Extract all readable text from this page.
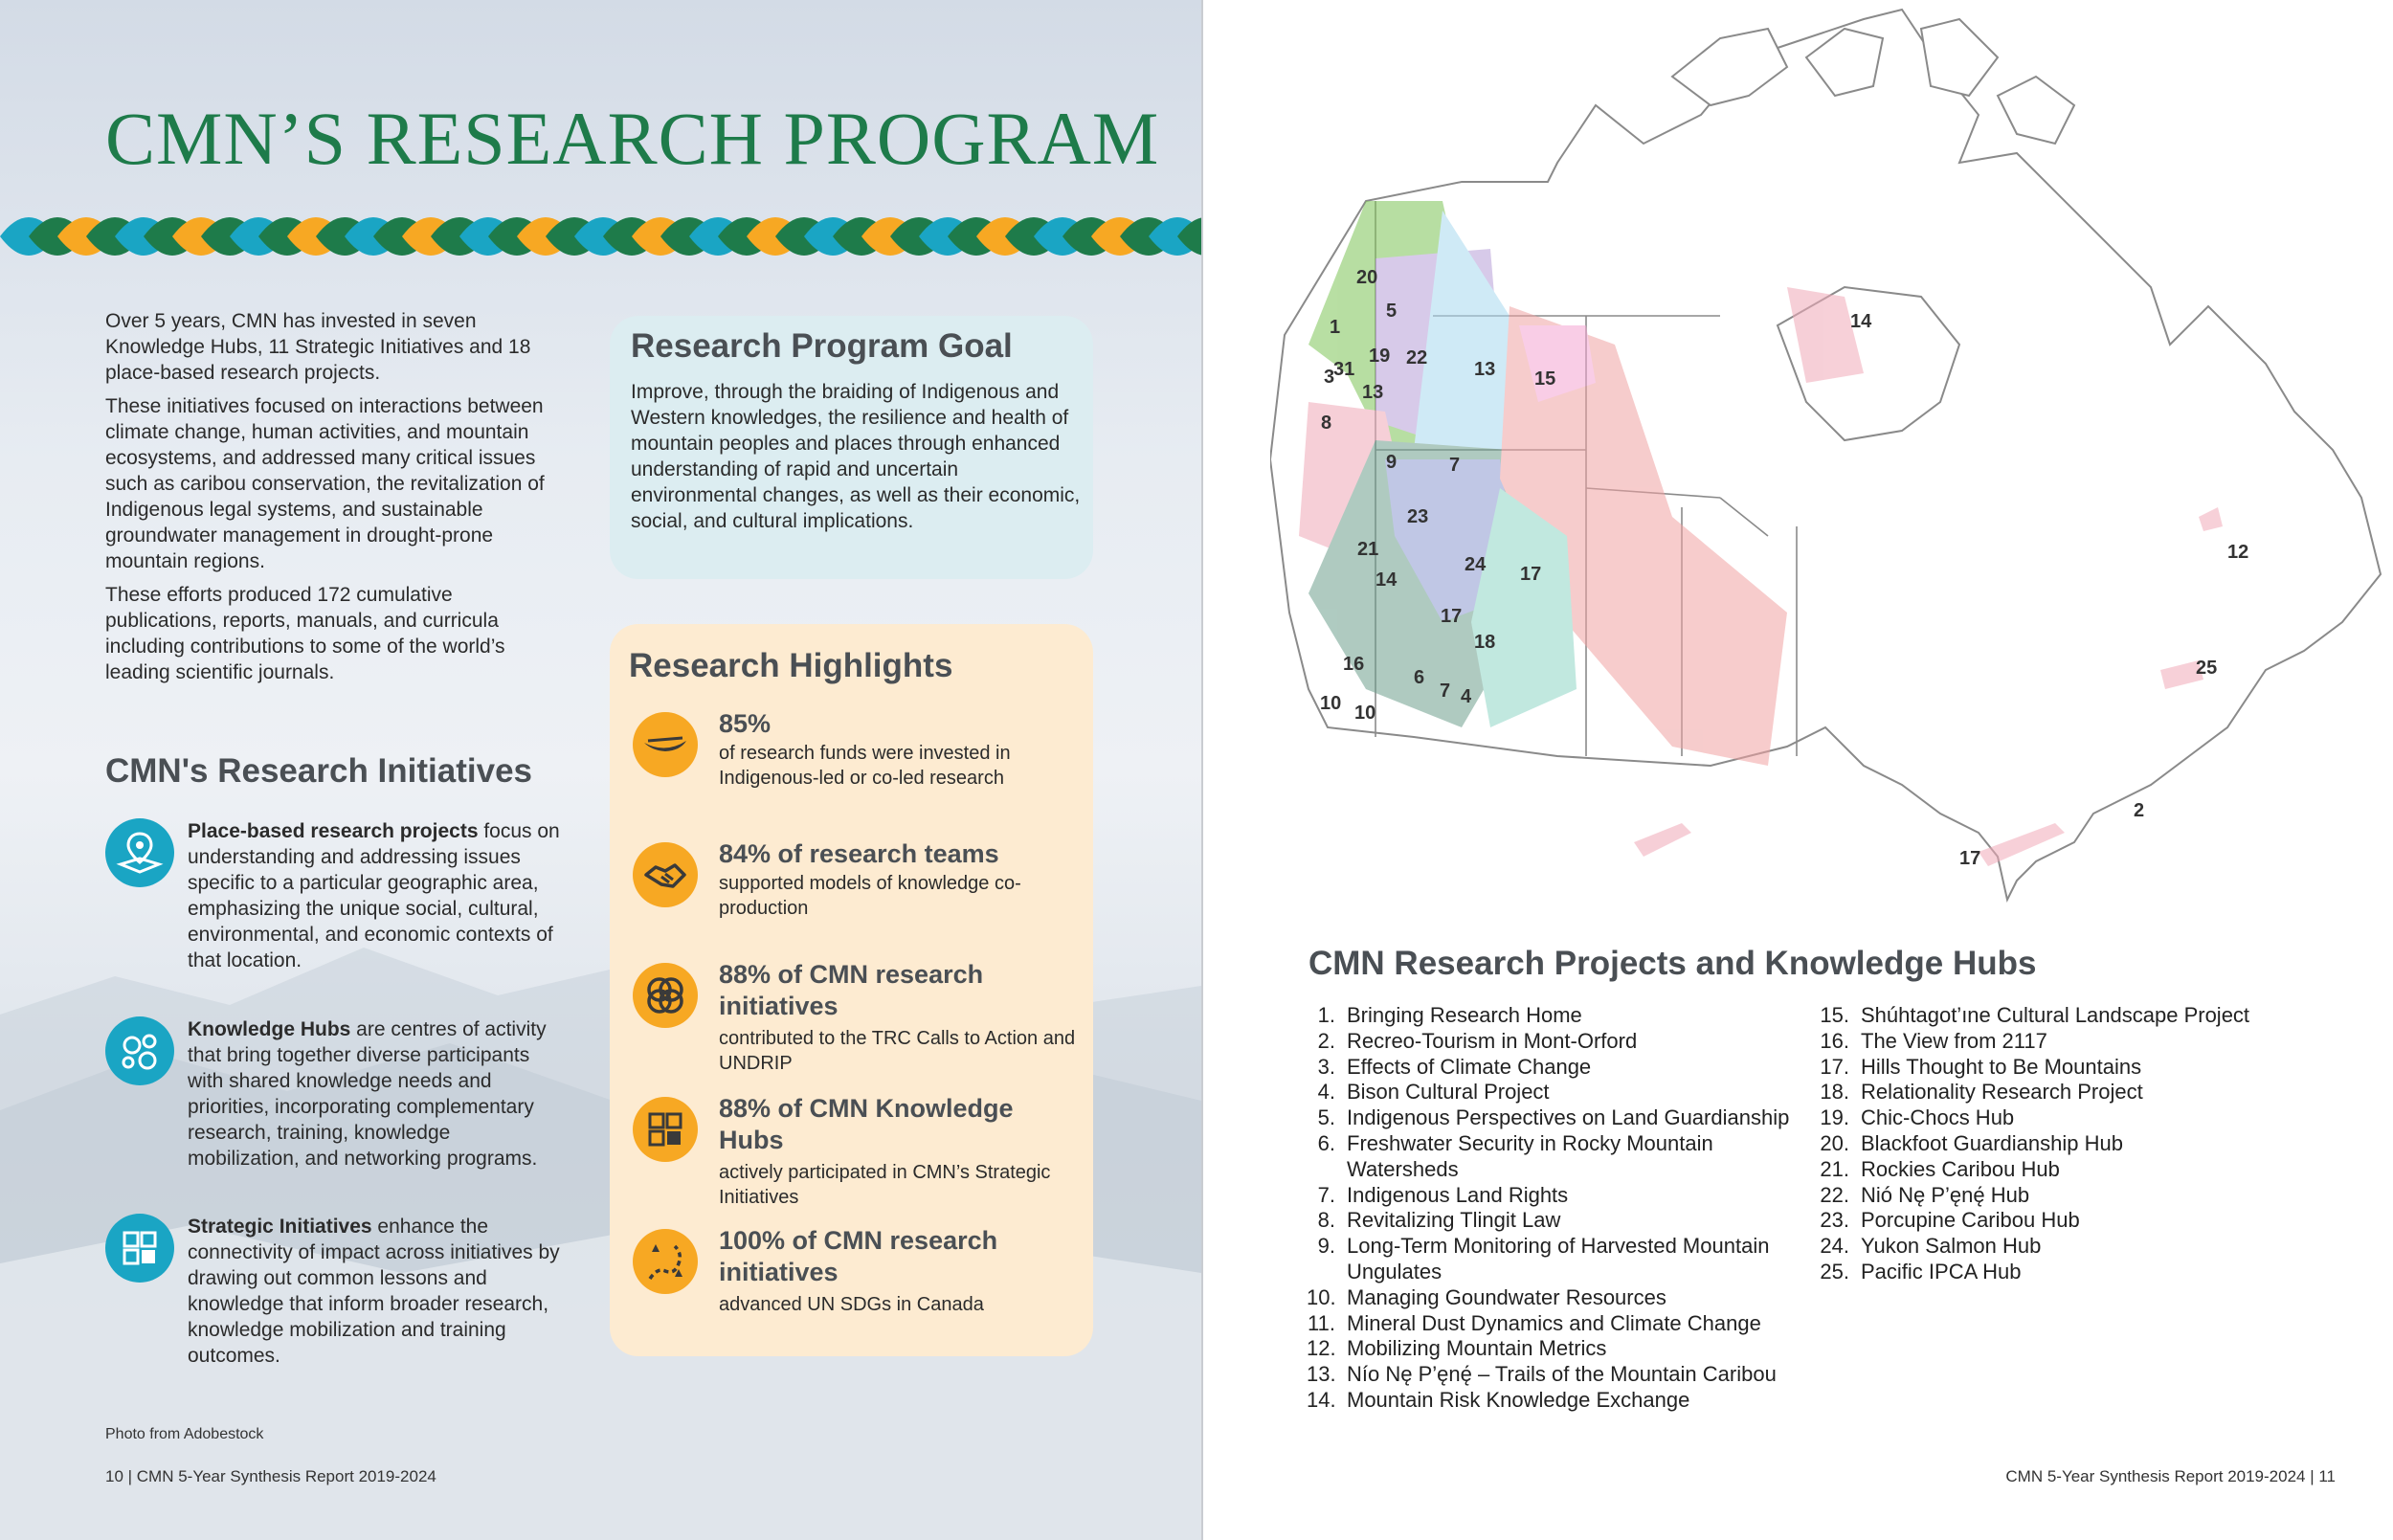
CMN’S RESEARCH PROGRAM

Over 5 years, CMN has invested in seven Knowledge Hubs, 11 Strategic Initiatives and 18 place-based research projects.

These initiatives focused on interactions between climate change, human activities, and mountain ecosystems, and addressed many critical issues such as caribou conservation, the revitalization of Indigenous legal systems, and sustainable groundwater management in drought-prone mountain regions.

These efforts produced 172 cumulative publications, reports, manuals, and curricula including contributions to some of the world’s leading scientific journals.

Research Program Goal

Improve, through the braiding of Indigenous and Western knowledges, the resilience and health of mountain peoples and places through enhanced understanding of rapid and uncertain environmental changes, as well as their economic, social, and cultural implications.

Research Highlights
85%
of research funds were invested in Indigenous-led or co-led research
84% of research teams
supported models of knowledge co-production
88% of CMN research initiatives
contributed to the TRC Calls to Action and UNDRIP
88% of CMN Knowledge Hubs
actively participated in CMN’s Strategic Initiatives
100% of CMN research initiatives
advanced UN SDGs in Canada
CMN's Research Initiatives
Place-based research projects focus on understanding and addressing issues specific to a particular geographic area, emphasizing the unique social, cultural, environmental, and economic contexts of that location.
Knowledge Hubs are centres of activity that bring together diverse participants with shared knowledge needs and priorities, incorporating complementary research, training, knowledge mobilization, and networking programs.
Strategic Initiatives enhance the connectivity of impact across initiatives by drawing out common lessons and knowledge that inform broader research, knowledge mobilization and training outcomes.
Photo from Adobestock
10 | CMN 5-Year Synthesis Report 2019-2024
20
5
1
19 22
3
31
13
13 15
8
9	7
23
21
14
24 17
17
18
16
6
7 4
10 10
14
12
25
2
17
CMN Research Projects and Knowledge Hubs
1. Bringing Research Home
2. Recreo-Tourism in Mont-Orford
3. Effects of Climate Change
4. Bison Cultural Project
5. Indigenous Perspectives on Land Guardianship
6. Freshwater Security in Rocky Mountain Watersheds
7. Indigenous Land Rights
8. Revitalizing Tlingit Law
9. Long-Term Monitoring of Harvested Mountain Ungulates
10. Managing Goundwater Resources
11. Mineral Dust Dynamics and Climate Change
12. Mobilizing Mountain Metrics
13. Nío Nę P’ęnę́ – Trails of the Mountain Caribou
14. Mountain Risk Knowledge Exchange
15. Shúhtagot’ıne Cultural Landscape Project
16. The View from 2117
17. Hills Thought to Be Mountains
18. Relationality Research Project
19. Chic-Chocs Hub
20. Blackfoot Guardianship Hub
21. Rockies Caribou Hub
22. Nió Nę P’ęnę́ Hub
23. Porcupine Caribou Hub
24. Yukon Salmon Hub
25. Pacific IPCA Hub
CMN 5-Year Synthesis Report 2019-2024 | 11
